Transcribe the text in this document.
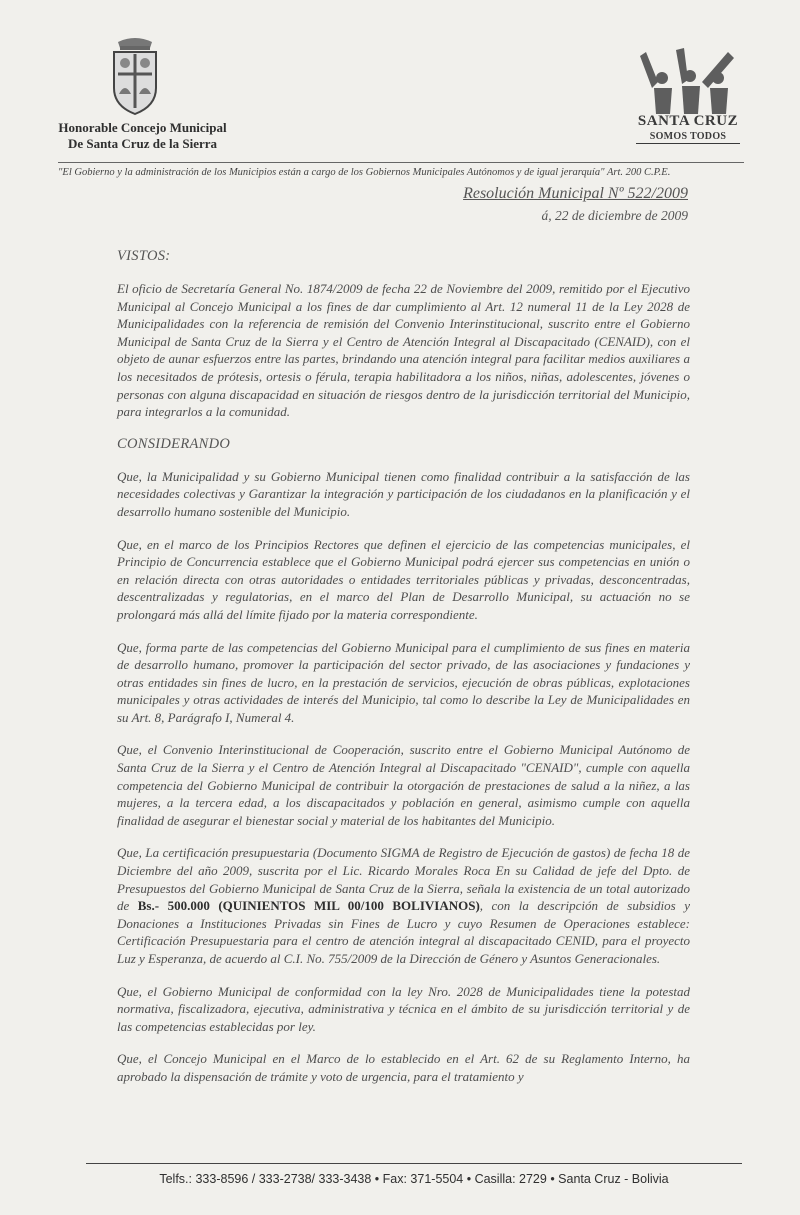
Honorable Concejo Municipal
De Santa Cruz de la Sierra
SANTA CRUZ
SOMOS TODOS
"El Gobierno y la administración de los Municipios están a cargo de los Gobiernos Municipales Autónomos y de igual jerarquía" Art. 200 C.P.E.
Resolución Municipal Nº 522/2009
á, 22 de diciembre de 2009

VISTOS:

El oficio de Secretaría General No. 1874/2009 de fecha 22 de Noviembre del 2009, remitido por el Ejecutivo Municipal al Concejo Municipal a los fines de dar cumplimiento al Art. 12 numeral 11 de la Ley 2028 de Municipalidades con la referencia de remisión del Convenio Interinstitucional, suscrito entre el Gobierno Municipal de Santa Cruz de la Sierra y el Centro de Atención Integral al Discapacitado (CENAID), con el objeto de aunar esfuerzos entre las partes, brindando una atención integral para facilitar medios auxiliares a los necesitados de prótesis, ortesis o férula, terapia habilitadora a los niños, niñas, adolescentes, jóvenes o personas con alguna discapacidad en situación de riesgos dentro de la jurisdicción territorial del Municipio, para integrarlos a la comunidad.

CONSIDERANDO

Que, la Municipalidad y su Gobierno Municipal tienen como finalidad contribuir a la satisfacción de las necesidades colectivas y Garantizar la integración y participación de los ciudadanos en la planificación y el desarrollo humano sostenible del Municipio.

Que, en el marco de los Principios Rectores que definen el ejercicio de las competencias municipales, el Principio de Concurrencia establece que el Gobierno Municipal podrá ejercer sus competencias en unión o en relación directa con otras autoridades o entidades territoriales públicas y privadas, desconcentradas, descentralizadas y regulatorias, en el marco del Plan de Desarrollo Municipal, su actuación no se prolongará más allá del límite fijado por la materia correspondiente.

Que, forma parte de las competencias del Gobierno Municipal para el cumplimiento de sus fines en materia de desarrollo humano, promover la participación del sector privado, de las asociaciones y fundaciones y otras entidades sin fines de lucro, en la prestación de servicios, ejecución de obras públicas, explotaciones municipales y otras actividades de interés del Municipio, tal como lo describe la Ley de Municipalidades en su Art. 8, Parágrafo I, Numeral 4.

Que, el Convenio Interinstitucional de Cooperación, suscrito entre el Gobierno Municipal Autónomo de Santa Cruz de la Sierra y el Centro de Atención Integral al Discapacitado "CENAID", cumple con aquella competencia del Gobierno Municipal de contribuir la otorgación de prestaciones de salud a la niñez, a las mujeres, a la tercera edad, a los discapacitados y población en general, asimismo cumple con aquella finalidad de asegurar el bienestar social y material de los habitantes del Municipio.

Que, La certificación presupuestaria (Documento SIGMA de Registro de Ejecución de gastos) de fecha 18 de Diciembre del año 2009, suscrita por el Lic. Ricardo Morales Roca En su Calidad de jefe del Dpto. de Presupuestos del Gobierno Municipal de Santa Cruz de la Sierra, señala la existencia de un total autorizado de Bs.- 500.000 (QUINIENTOS MIL 00/100 BOLIVIANOS), con la descripción de subsidios y Donaciones a Instituciones Privadas sin Fines de Lucro y cuyo Resumen de Operaciones establece: Certificación Presupuestaria para el centro de atención integral al discapacitado CENID, para el proyecto Luz y Esperanza, de acuerdo al C.I. No. 755/2009 de la Dirección de Género y Asuntos Generacionales.

Que, el Gobierno Municipal de conformidad con la ley Nro. 2028 de Municipalidades tiene la potestad normativa, fiscalizadora, ejecutiva, administrativa y técnica en el ámbito de su jurisdicción territorial y de las competencias establecidas por ley.

Que, el Concejo Municipal en el Marco de lo establecido en el Art. 62 de su Reglamento Interno, ha aprobado la dispensación de trámite y voto de urgencia, para el tratamiento y

Telfs.: 333-8596 / 333-2738/ 333-3438 • Fax: 371-5504 • Casilla: 2729 • Santa Cruz - Bolivia
